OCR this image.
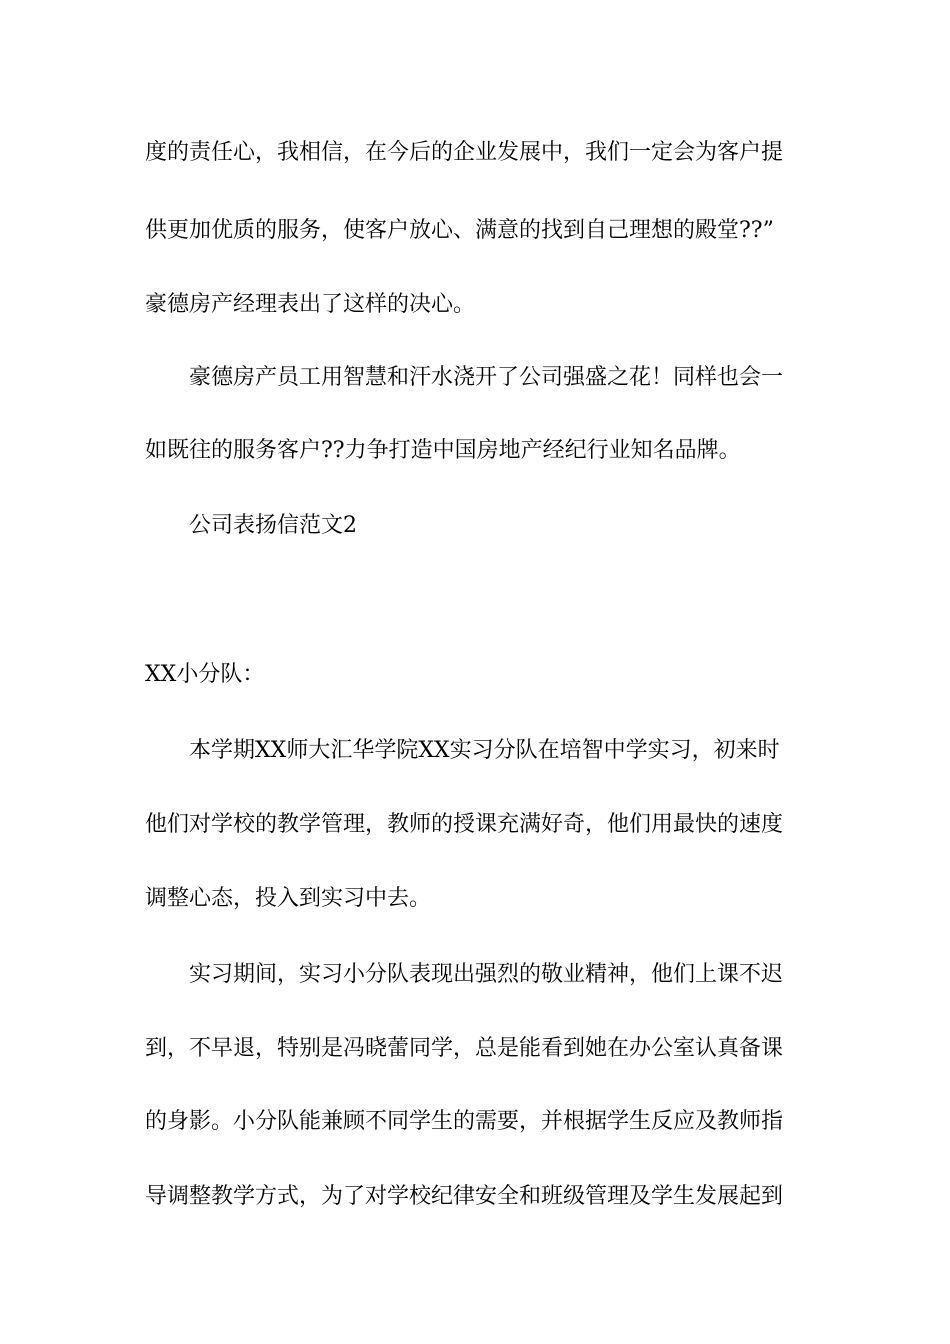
度的责任心，我相信，在今后的企业发展中，我们一定会为客户提
供更加优质的服务，使客户放心、满意的找到自己理想的殿堂??”
豪德房产经理表出了这样的决心。
豪德房产员工用智慧和汗水浇开了公司强盛之花！同样也会一
如既往的服务客户??力争打造中国房地产经纪行业知名品牌。
公司表扬信范文2
XX小分队：
本学期XX师大汇华学院XX实习分队在培智中学实习，初来时
他们对学校的教学管理，教师的授课充满好奇，他们用最快的速度
调整心态，投入到实习中去。
实习期间，实习小分队表现出强烈的敬业精神，他们上课不迟
到，不早退，特别是冯晓蕾同学，总是能看到她在办公室认真备课
的身影。小分队能兼顾不同学生的需要，并根据学生反应及教师指
导调整教学方式，为了对学校纪律安全和班级管理及学生发展起到
